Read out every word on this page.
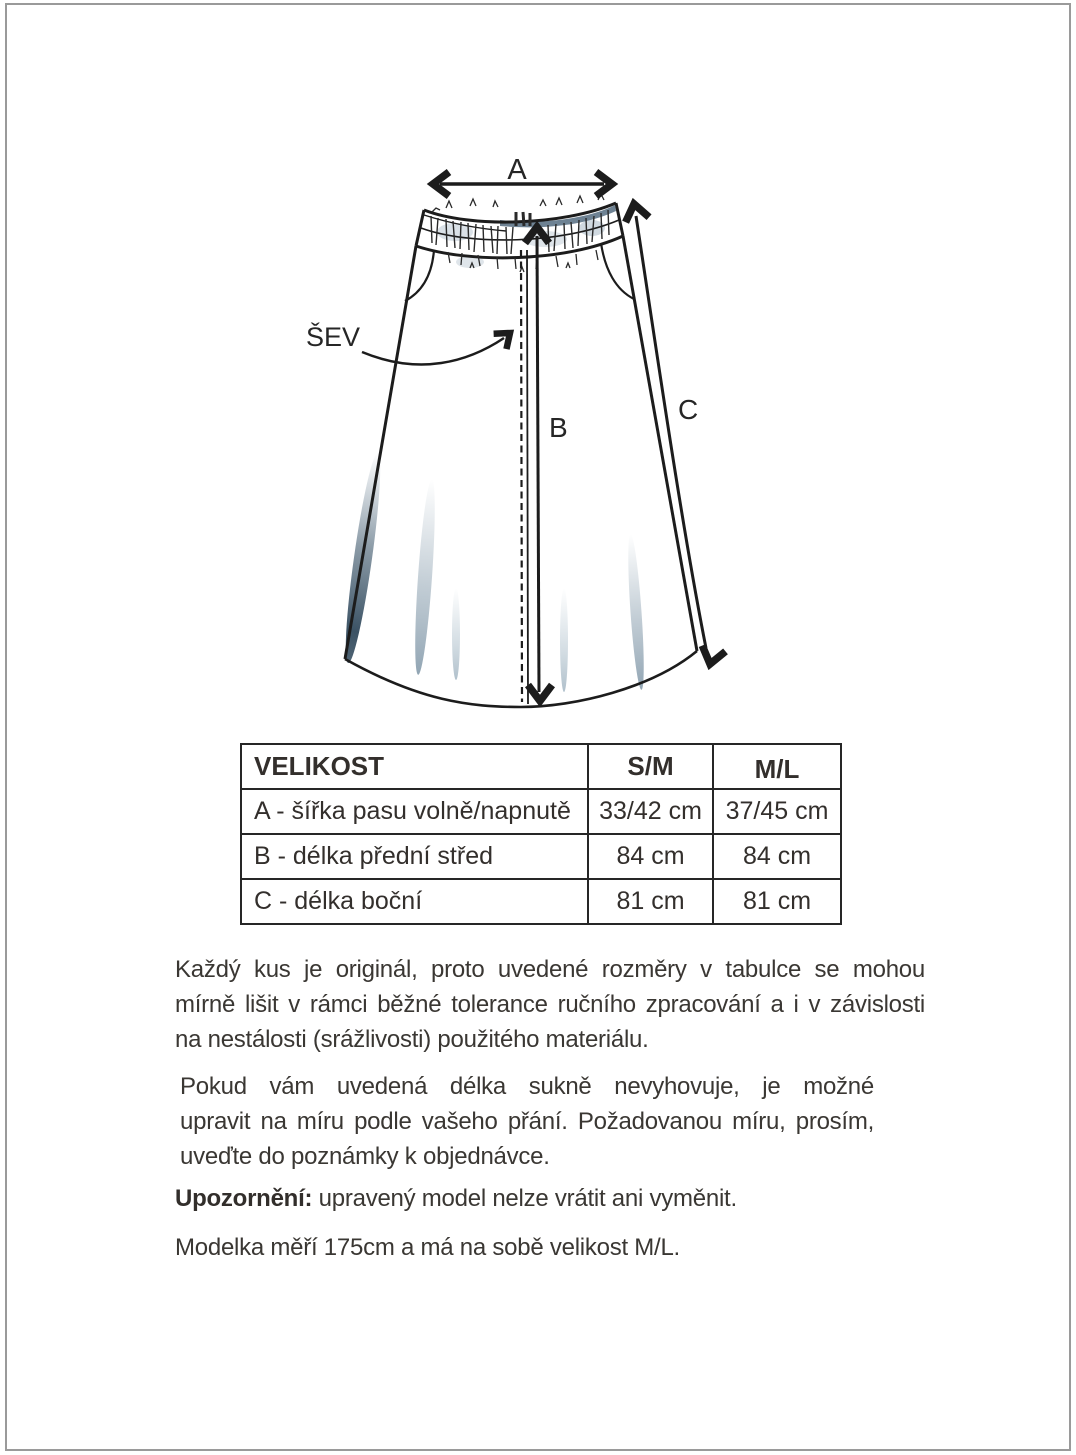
A
B
C
ŠEV
VELIKOST	S/M	M/L
A - šířka pasu volně/napnutě	33/42 cm	37/45 cm
B - délka přední střed	84 cm	84 cm
C - délka boční	81 cm	81 cm
Každý kus je originál, proto uvedené rozměry v tabulce se mohou
mírně lišit v rámci běžné tolerance ručního zpracování a i v závislosti
na nestálosti (srážlivosti) použitého materiálu.
Pokud vám uvedená délka sukně nevyhovuje, je možné
upravit na míru podle vašeho přání. Požadovanou míru, prosím,
uveďte do poznámky k objednávce.
Upozornění: upravený model nelze vrátit ani vyměnit.
Modelka měří 175cm a má na sobě velikost M/L.
